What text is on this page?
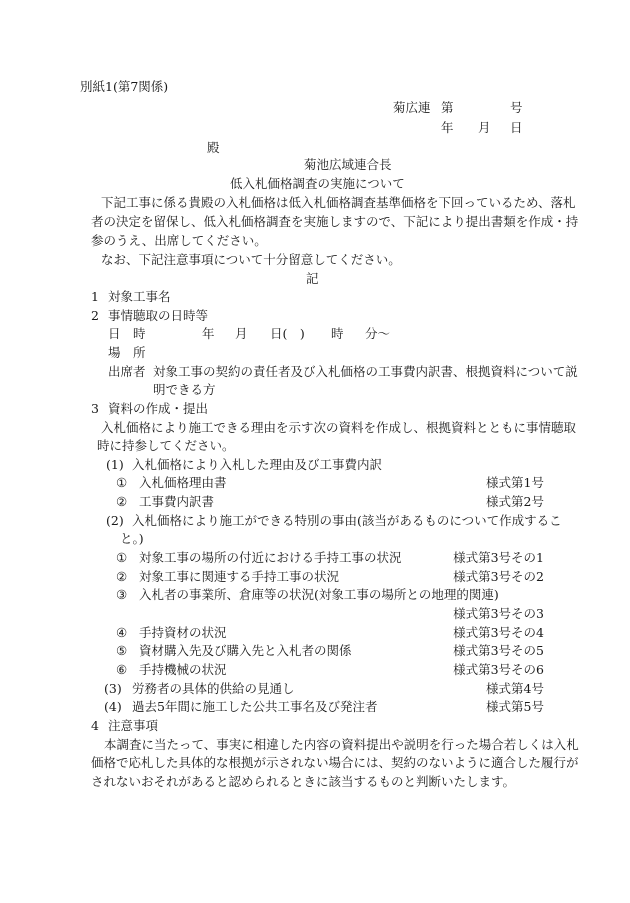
別紙1(第7関係)
菊広連 第	号
年 月 日
殿
菊池広域連合長
低入札価格調査の実施について
下記工事に係る貴殿の入札価格は低入札価格調査基準価格を下回っているため、落札
者の決定を留保し、低入札価格調査を実施しますので、下記により提出書類を作成・持
参のうえ、出席してください。
なお、下記注意事項について十分留意してください。
記
1 対象工事名
2 事情聴取の日時等
日　時	年 月 日(　) 時 分～
場　所
出席者 対象工事の契約の責任者及び入札価格の工事費内訳書、根拠資料について説
明できる方
3 資料の作成・提出
入札価格により施工できる理由を示す次の資料を作成し、根拠資料とともに事情聴取
時に持参してください。
(1) 入札価格により入札した理由及び工事費内訳
① 入札価格理由書	様式第1号
② 工事費内訳書	様式第2号
(2) 入札価格により施工ができる特別の事由(該当があるものについて作成するこ
と。)
① 対象工事の場所の付近における手持工事の状況	様式第3号その1
② 対象工事に関連する手持工事の状況	様式第3号その2
③ 入札者の事業所、倉庫等の状況(対象工事の場所との地理的関連)
様式第3号その3
④ 手持資材の状況	様式第3号その4
⑤ 資材購入先及び購入先と入札者の関係	様式第3号その5
⑥ 手持機械の状況	様式第3号その6
(3) 労務者の具体的供給の見通し	様式第4号
(4) 過去5年間に施工した公共工事名及び発注者	様式第5号
4 注意事項
本調査に当たって、事実に相違した内容の資料提出や説明を行った場合若しくは入札
価格で応札した具体的な根拠が示されない場合には、契約のないように適合した履行が
されないおそれがあると認められるときに該当するものと判断いたします。
